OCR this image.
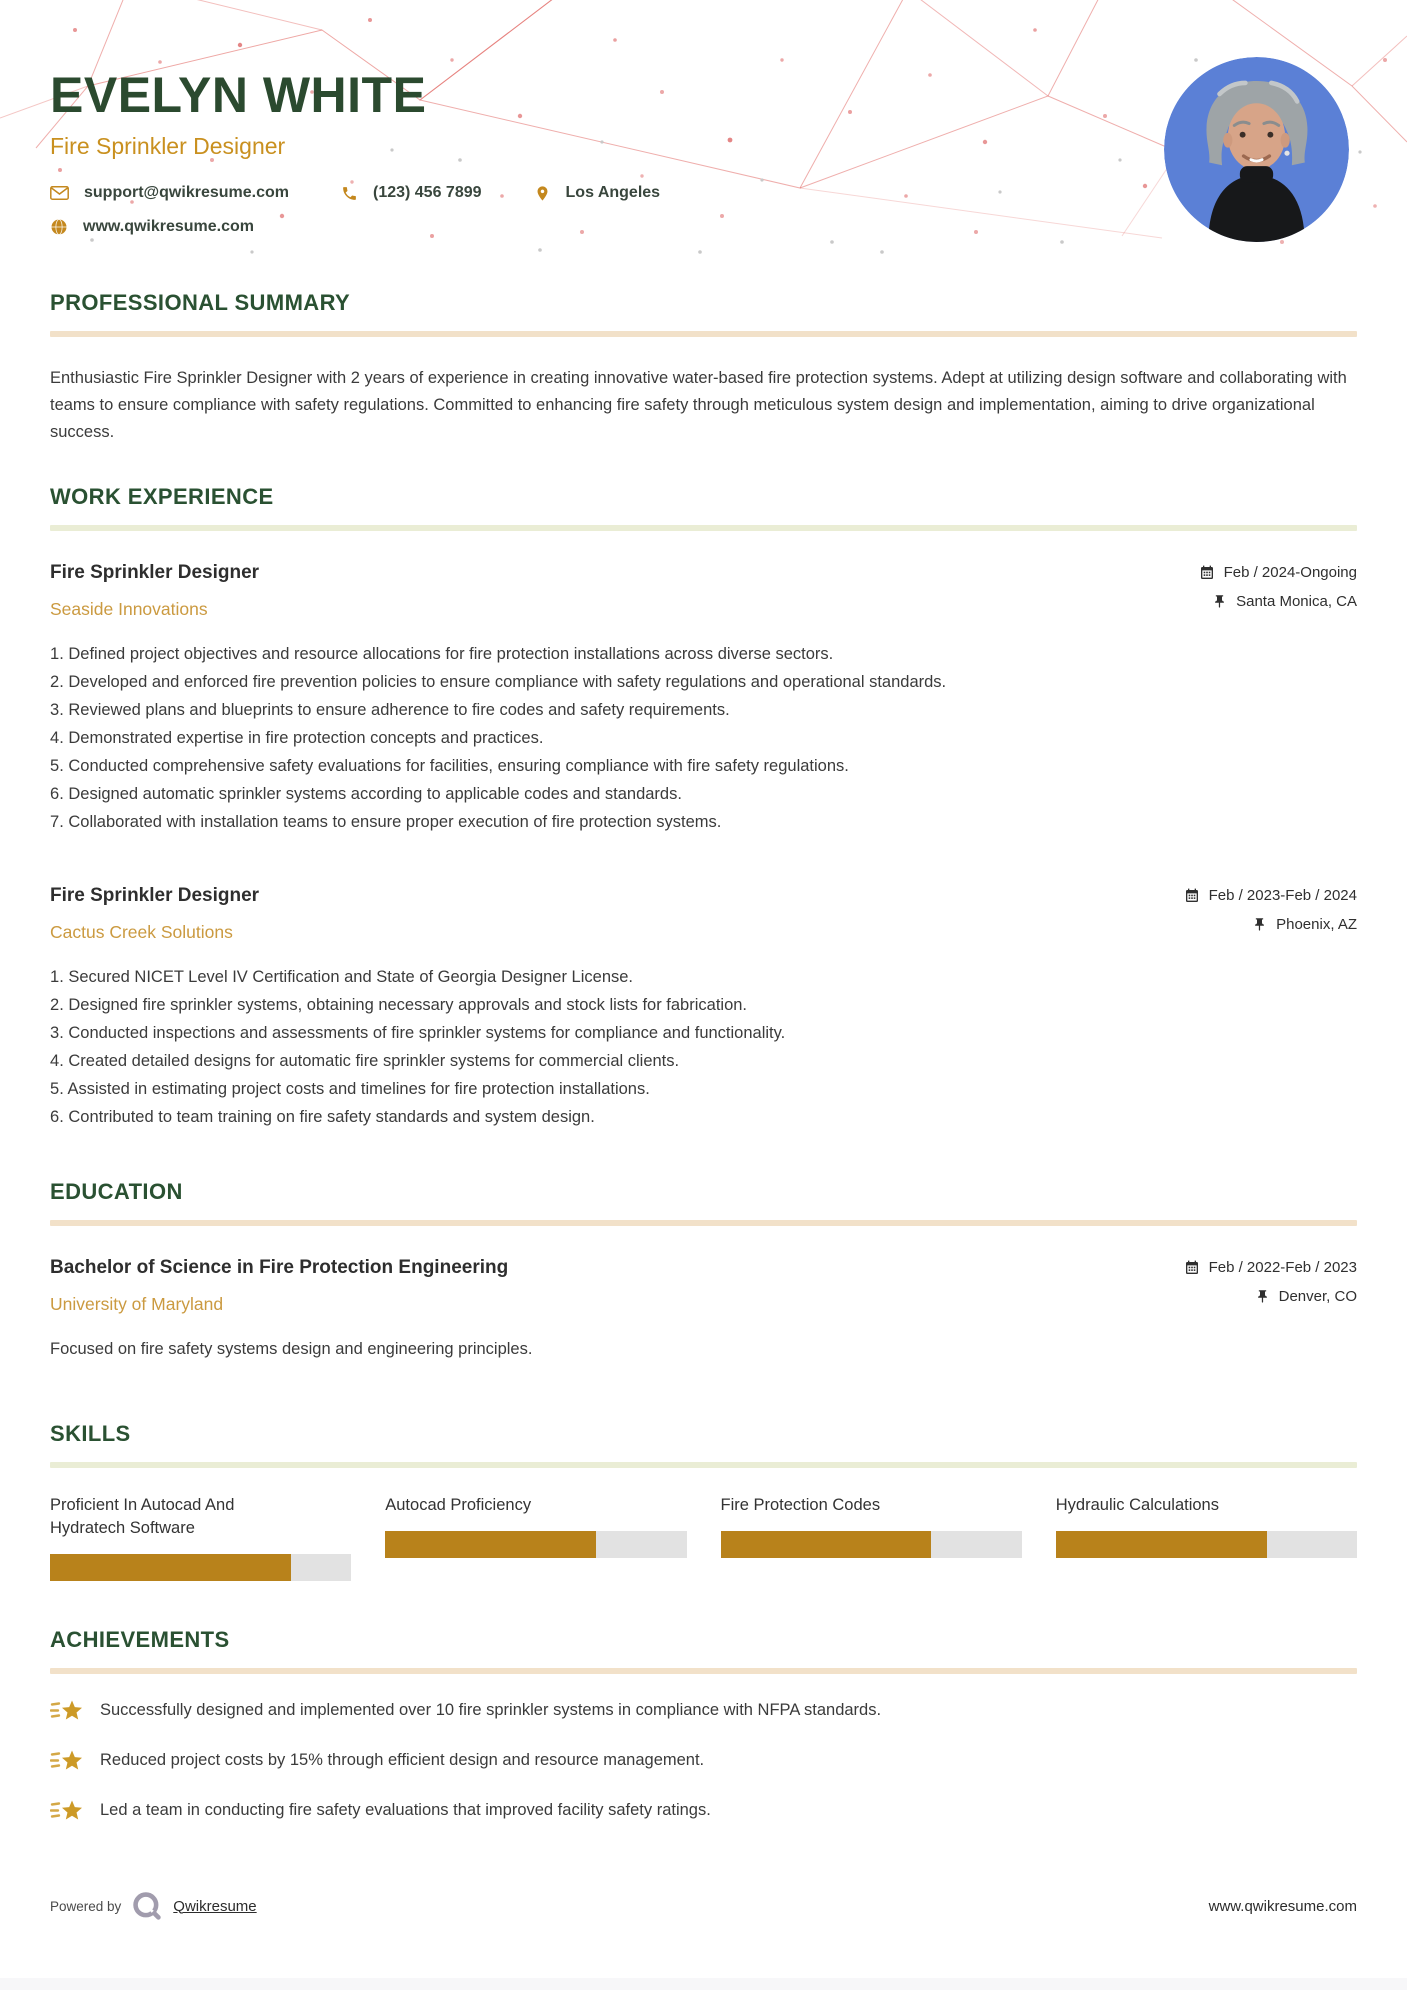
EVELYN WHITE
Fire Sprinkler Designer
support@qwikresume.com	(123) 456 7899	Los Angeles
www.qwikresume.com
PROFESSIONAL SUMMARY

Enthusiastic Fire Sprinkler Designer with 2 years of experience in creating innovative water-based fire protection systems. Adept at utilizing design software and collaborating with teams to ensure compliance with safety regulations. Committed to enhancing fire safety through meticulous system design and implementation, aiming to drive organizational success.

WORK EXPERIENCE
Fire Sprinkler Designer
Seaside Innovations
Feb / 2024-Ongoing
Santa Monica, CA
Defined project objectives and resource allocations for fire protection installations across diverse sectors.
Developed and enforced fire prevention policies to ensure compliance with safety regulations and operational standards.
Reviewed plans and blueprints to ensure adherence to fire codes and safety requirements.
Demonstrated expertise in fire protection concepts and practices.
Conducted comprehensive safety evaluations for facilities, ensuring compliance with fire safety regulations.
Designed automatic sprinkler systems according to applicable codes and standards.
Collaborated with installation teams to ensure proper execution of fire protection systems.
Fire Sprinkler Designer
Cactus Creek Solutions
Feb / 2023-Feb / 2024
Phoenix, AZ
Secured NICET Level IV Certification and State of Georgia Designer License.
Designed fire sprinkler systems, obtaining necessary approvals and stock lists for fabrication.
Conducted inspections and assessments of fire sprinkler systems for compliance and functionality.
Created detailed designs for automatic fire sprinkler systems for commercial clients.
Assisted in estimating project costs and timelines for fire protection installations.
Contributed to team training on fire safety standards and system design.
EDUCATION
Bachelor of Science in Fire Protection Engineering
University of Maryland
Feb / 2022-Feb / 2023
Denver, CO

Focused on fire safety systems design and engineering principles.

SKILLS
Proficient In Autocad And Hydratech Software
Autocad Proficiency	Fire Protection Codes	Hydraulic Calculations
ACHIEVEMENTS
Successfully designed and implemented over 10 fire sprinkler systems in compliance with NFPA standards.
Reduced project costs by 15% through efficient design and resource management.
Led a team in conducting fire safety evaluations that improved facility safety ratings.
Powered by	Qwikresume	www.qwikresume.com
